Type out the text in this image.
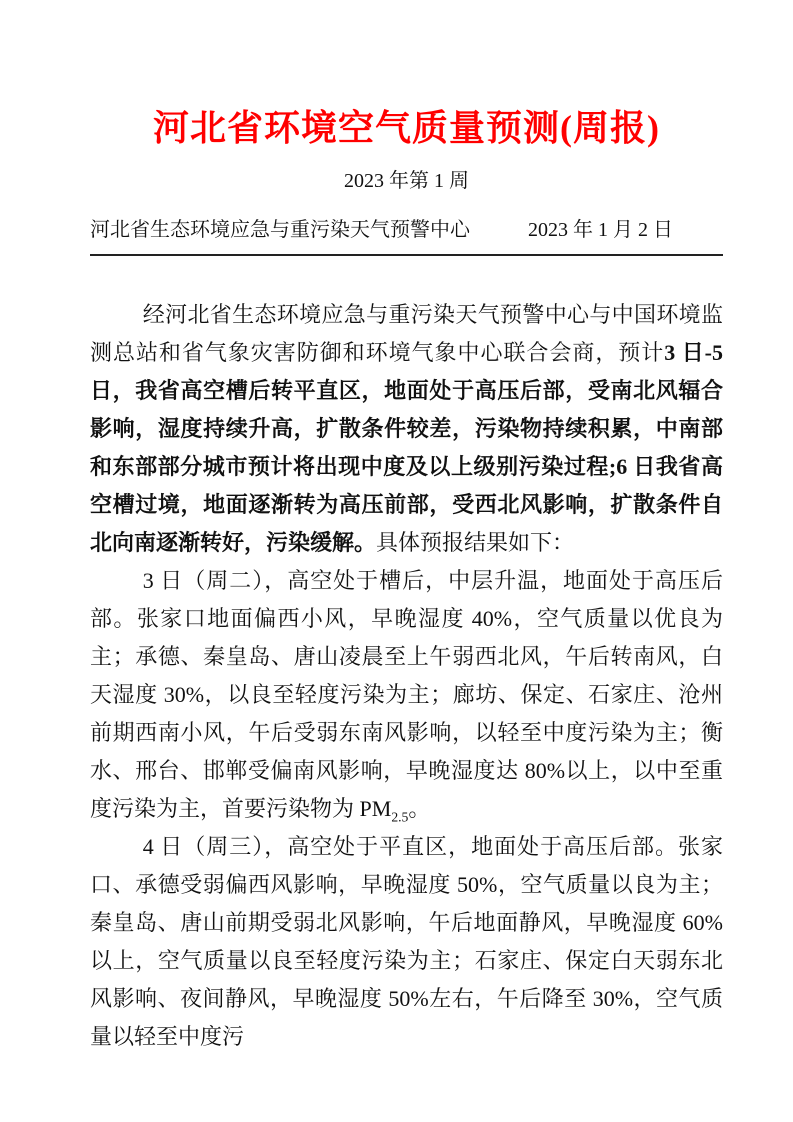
河北省环境空气质量预测(周报)
2023 年第 1 周
河北省生态环境应急与重污染天气预警中心	2023 年 1 月 2 日

经河北省生态环境应急与重污染天气预警中心与中国环境监测总站和省气象灾害防御和环境气象中心联合会商，预计3 日-5 日，我省高空槽后转平直区，地面处于高压后部，受南北风辐合影响，湿度持续升高，扩散条件较差，污染物持续积累，中南部和东部部分城市预计将出现中度及以上级别污染过程;6 日我省高空槽过境，地面逐渐转为高压前部，受西北风影响，扩散条件自北向南逐渐转好，污染缓解。具体预报结果如下：

3 日（周二），高空处于槽后，中层升温，地面处于高压后部。张家口地面偏西小风，早晚湿度 40%，空气质量以优良为主；承德、秦皇岛、唐山凌晨至上午弱西北风，午后转南风，白天湿度 30%，以良至轻度污染为主；廊坊、保定、石家庄、沧州前期西南小风，午后受弱东南风影响，以轻至中度污染为主；衡水、邢台、邯郸受偏南风影响，早晚湿度达 80%以上，以中至重度污染为主，首要污染物为 $PM_{2.5}$。

4 日（周三），高空处于平直区，地面处于高压后部。张家口、承德受弱偏西风影响，早晚湿度 50%，空气质量以良为主；秦皇岛、唐山前期受弱北风影响，午后地面静风，早晚湿度 60%以上，空气质量以良至轻度污染为主；石家庄、保定白天弱东北风影响、夜间静风，早晚湿度 50%左右，午后降至 30%，空气质量以轻至中度污
